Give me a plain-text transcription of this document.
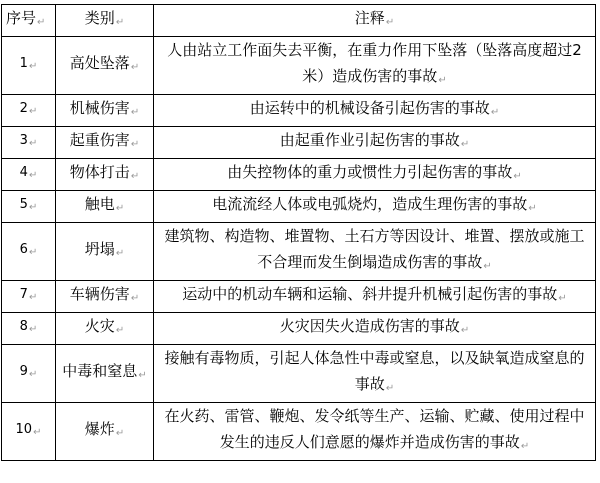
序号↵	类别↵	注释↵
1↵	高处坠落↵	人由站立工作面失去平衡，在重力作用下坠落（坠落高度超过2米）造成伤害的事故↵
2↵	机械伤害↵	由运转中的机械设备引起伤害的事故↵
3↵	起重伤害↵	由起重作业引起伤害的事故↵
4↵	物体打击↵	由失控物体的重力或惯性力引起伤害的事故↵
5↵	触电↵	电流流经人体或电弧烧灼，造成生理伤害的事故↵
6↵	坍塌↵	建筑物、构造物、堆置物、土石方等因设计、堆置、摆放或施工不合理而发生倒塌造成伤害的事故↵
7↵	车辆伤害↵	运动中的机动车辆和运输、斜井提升机械引起伤害的事故↵
8↵	火灾↵	火灾因失火造成伤害的事故↵
9↵	中毒和窒息↵	接触有毒物质，引起人体急性中毒或窒息，以及缺氧造成窒息的事故↵
10↵	爆炸↵	在火药、雷管、鞭炮、发令纸等生产、运输、贮藏、使用过程中发生的违反人们意愿的爆炸并造成伤害的事故↵
